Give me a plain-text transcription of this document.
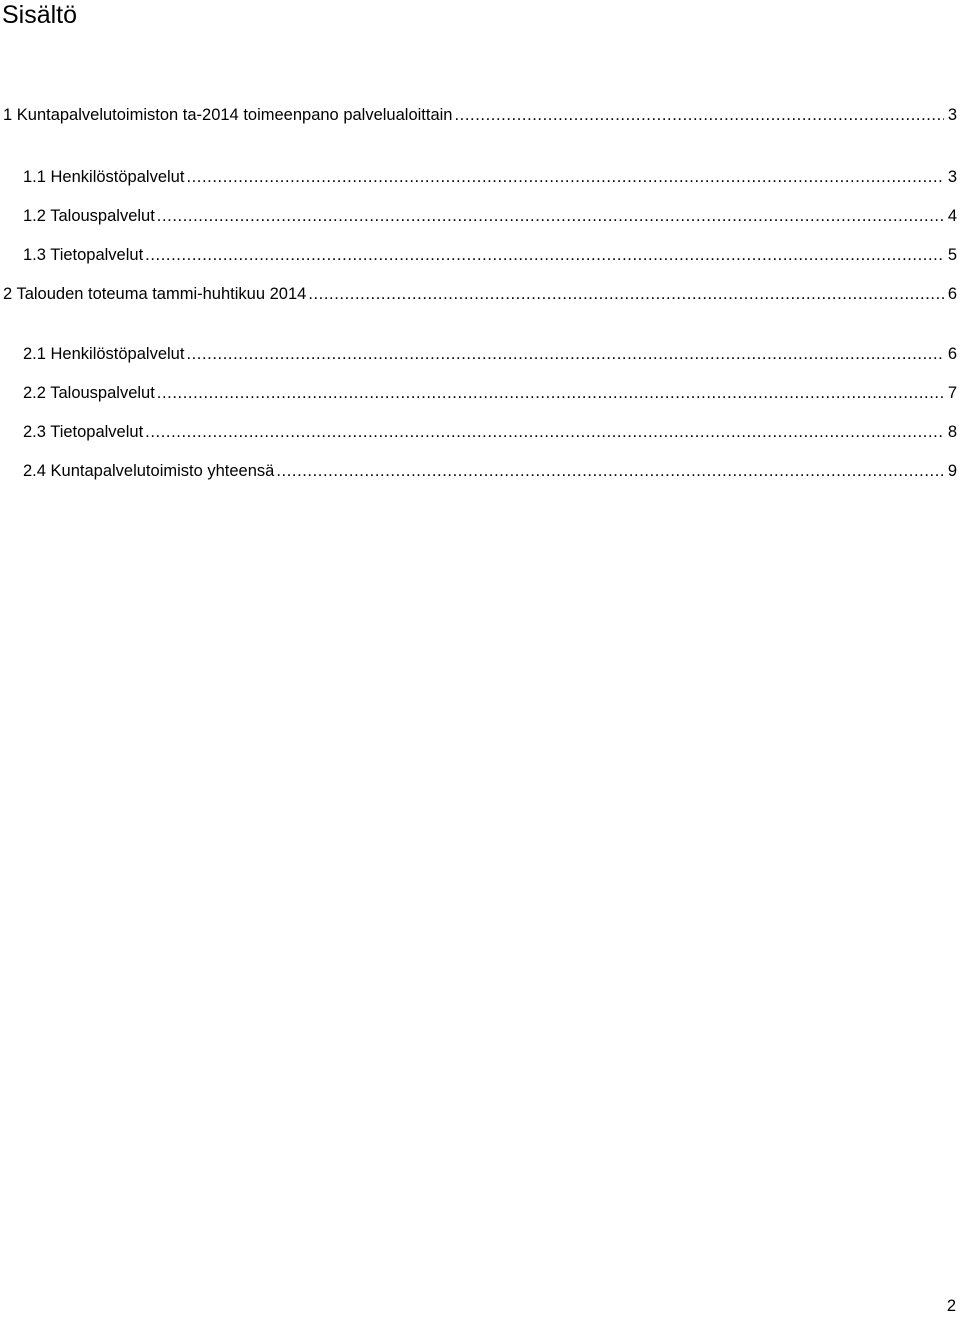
Sisältö
1 Kuntapalvelutoimiston ta-2014 toimeenpano palvelualoittain .....	3
1.1 Henkilöstöpalvelut .....	3
1.2 Talouspalvelut .....	4
1.3 Tietopalvelut .....	5
2 Talouden toteuma tammi-huhtikuu 2014 .....	6
2.1 Henkilöstöpalvelut .....	6
2.2 Talouspalvelut .....	7
2.3 Tietopalvelut .....	8
2.4 Kuntapalvelutoimisto yhteensä .....	9
2
